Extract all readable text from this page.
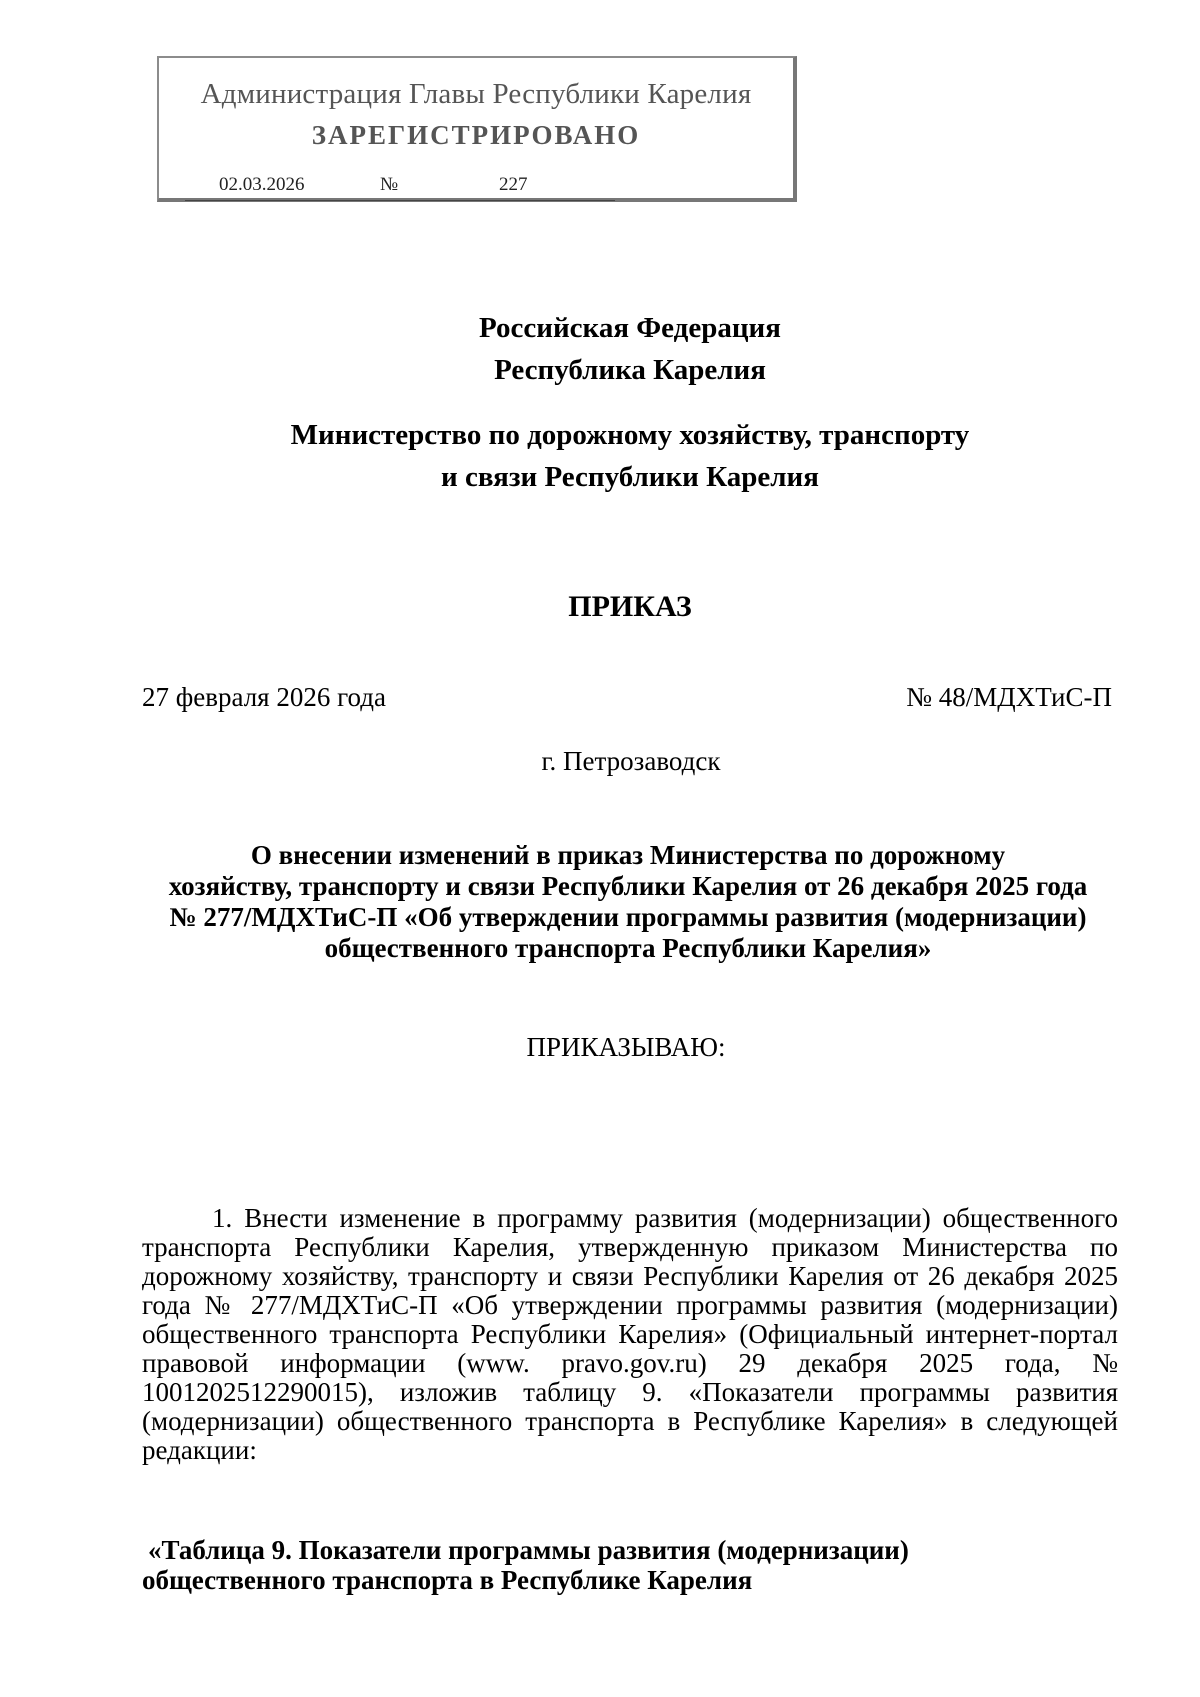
Администрация Главы Республики Карелия
ЗАРЕГИСТРИРОВАНО
02.03.2026	№	227
Российская Федерация
Республика Карелия
Министерство по дорожному хозяйству, транспорту
и связи Республики Карелия
ПРИКАЗ
27 февраля 2026 года	№ 48/МДХТиС-П
г. Петрозаводск
О внесении изменений в приказ Министерства по дорожному
хозяйству, транспорту и связи Республики Карелия от 26 декабря 2025 года
№ 277/МДХТиС-П «Об утверждении программы развития (модернизации)
общественного транспорта Республики Карелия»
ПРИКАЗЫВАЮ:
1. Внести изменение в программу развития (модернизации) общественного транспорта Республики Карелия, утвержденную приказом Министерства по дорожному хозяйству, транспорту и связи Республики Карелия от 26 декабря 2025 года № 277/МДХТиС-П «Об утверждении программы развития (модернизации) общественного транспорта Республики Карелия» (Официальный интернет-портал правовой информации (www. pravo.gov.ru) 29 декабря 2025 года, № 1001202512290015), изложив таблицу 9. «Показатели программы развития (модернизации) общественного транспорта в Республике Карелия» в следующей редакции:
«Таблица 9. Показатели программы развития (модернизации)
общественного транспорта в Республике Карелия
